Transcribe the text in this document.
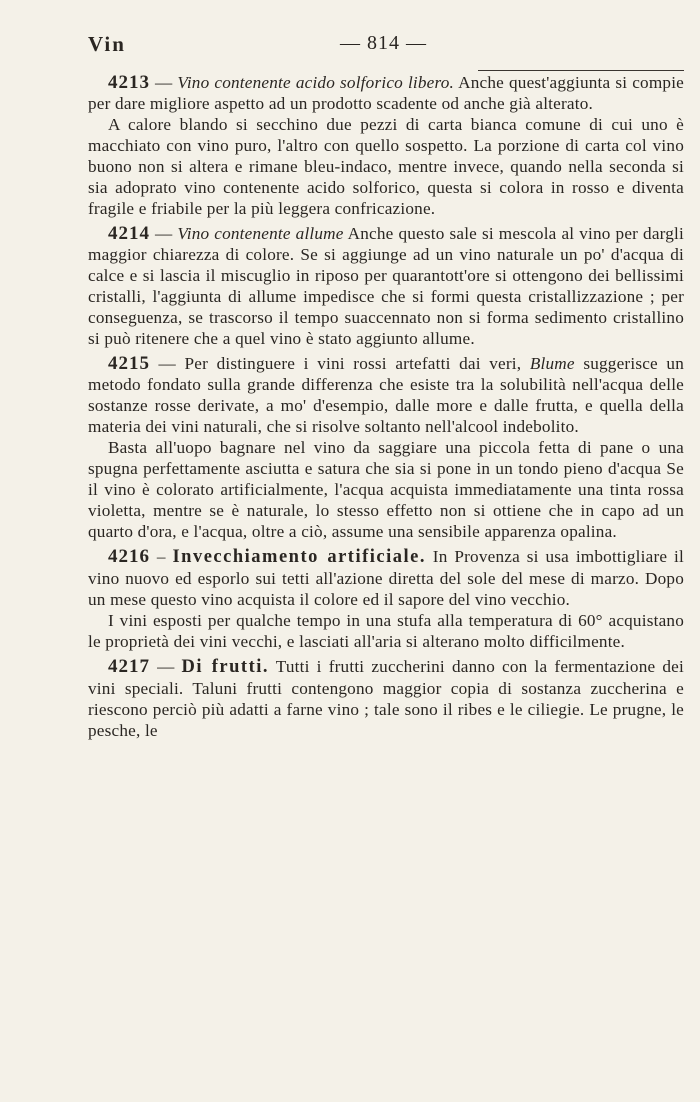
Vin	— 814 —

4213 — Vino contenente acido solforico libero. Anche quest'aggiunta si compie per dare migliore aspetto ad un prodotto scadente od anche già alterato.

A calore blando si secchino due pezzi di carta bianca comune di cui uno è macchiato con vino puro, l'altro con quello sospetto. La porzione di carta col vino buono non si altera e rimane bleu-indaco, mentre invece, quando nella seconda si sia adoprato vino contenente acido solforico, questa si colora in rosso e diventa fragile e friabile per la più leggera confricazione.

4214 — Vino contenente allume Anche questo sale si mescola al vino per dargli maggior chiarezza di colore. Se si aggiunge ad un vino naturale un po' d'acqua di calce e si lascia il miscuglio in riposo per quarantott'ore si ottengono dei bellissimi cristalli, l'aggiunta di allume impedisce che si formi questa cristallizzazione ; per conseguenza, se trascorso il tempo suaccennato non si forma sedimento cristallino si può ritenere che a quel vino è stato aggiunto allume.

4215 — Per distinguere i vini rossi artefatti dai veri, Blume suggerisce un metodo fondato sulla grande differenza che esiste tra la solubilità nell'acqua delle sostanze rosse derivate, a mo' d'esempio, dalle more e dalle frutta, e quella della materia dei vini naturali, che si risolve soltanto nell'alcool indebolito.

Basta all'uopo bagnare nel vino da saggiare una piccola fetta di pane o una spugna perfettamente asciutta e satura che sia si pone in un tondo pieno d'acqua Se il vino è colorato artificialmente, l'acqua acquista immediatamente una tinta rossa violetta, mentre se è naturale, lo stesso effetto non si ottiene che in capo ad un quarto d'ora, e l'acqua, oltre a ciò, assume una sensibile apparenza opalina.

4216 – Invecchiamento artificiale. In Provenza si usa imbottigliare il vino nuovo ed esporlo sui tetti all'azione diretta del sole del mese di marzo. Dopo un mese questo vino acquista il colore ed il sapore del vino vecchio.

I vini esposti per qualche tempo in una stufa alla temperatura di 60° acquistano le proprietà dei vini vecchi, e lasciati all'aria si alterano molto difficilmente.

4217 — Di frutti. Tutti i frutti zuccherini danno con la fermentazione dei vini speciali. Taluni frutti contengono maggior copia di sostanza zuccherina e riescono perciò più adatti a farne vino ; tale sono il ribes e le ciliegie. Le prugne, le pesche, le
